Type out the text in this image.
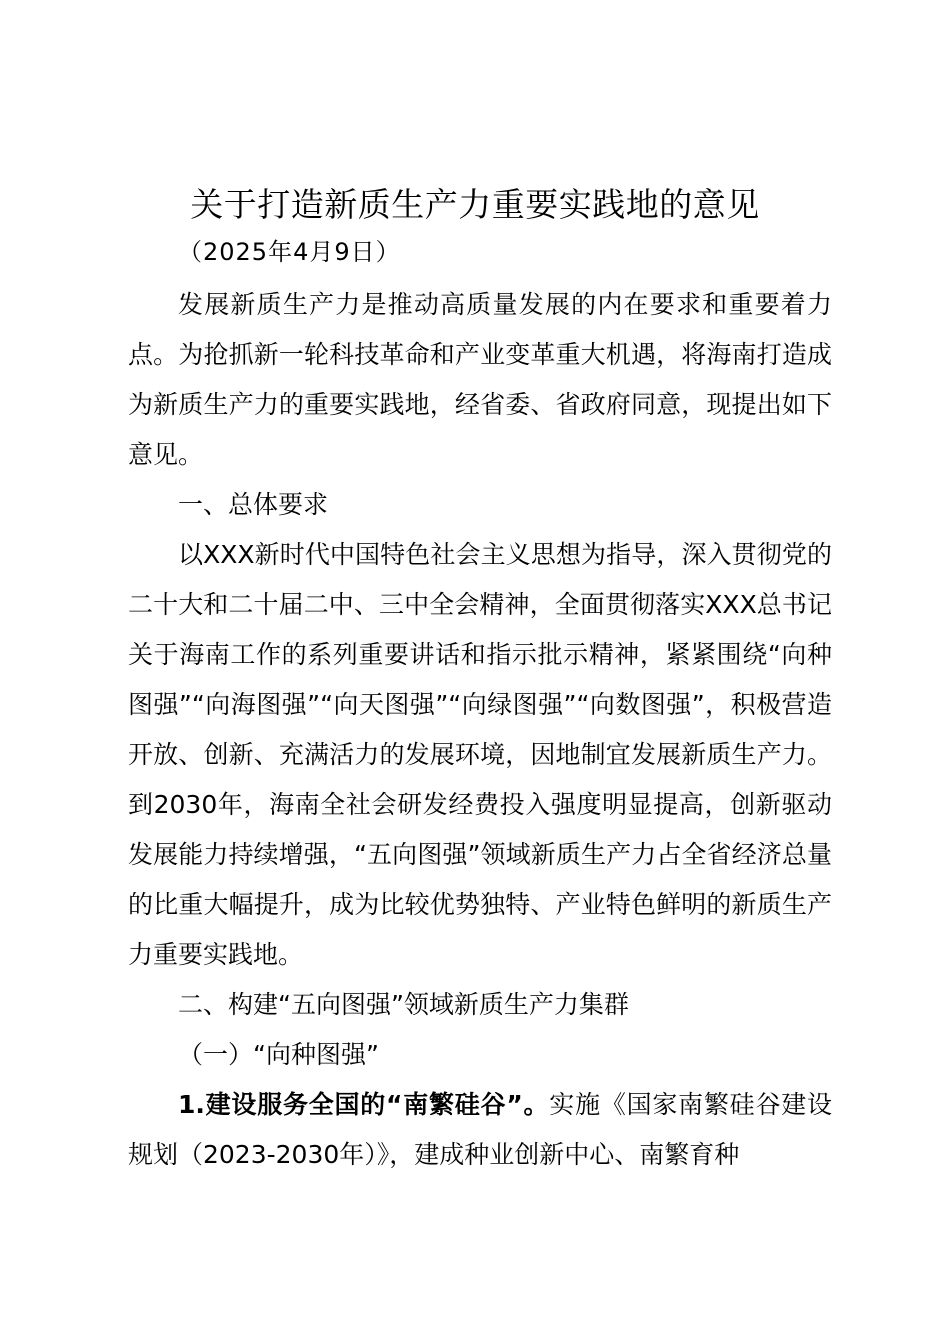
关于打造新质生产力重要实践地的意见
（2025年4月9日）

发展新质生产力是推动高质量发展的内在要求和重要着力点。为抢抓新一轮科技革命和产业变革重大机遇，将海南打造成为新质生产力的重要实践地，经省委、省政府同意，现提出如下意见。

一、总体要求

以XXX新时代中国特色社会主义思想为指导，深入贯彻党的二十大和二十届二中、三中全会精神，全面贯彻落实XXX总书记关于海南工作的系列重要讲话和指示批示精神，紧紧围绕“向种图强”“向海图强”“向天图强”“向绿图强”“向数图强”，积极营造开放、创新、充满活力的发展环境，因地制宜发展新质生产力。到2030年，海南全社会研发经费投入强度明显提高，创新驱动发展能力持续增强，“五向图强”领域新质生产力占全省经济总量的比重大幅提升，成为比较优势独特、产业特色鲜明的新质生产力重要实践地。

二、构建“五向图强”领域新质生产力集群

（一）“向种图强”

1.建设服务全国的“南繁硅谷”。实施《国家南繁硅谷建设规划（2023-2030年）》，建成种业创新中心、南繁育种
